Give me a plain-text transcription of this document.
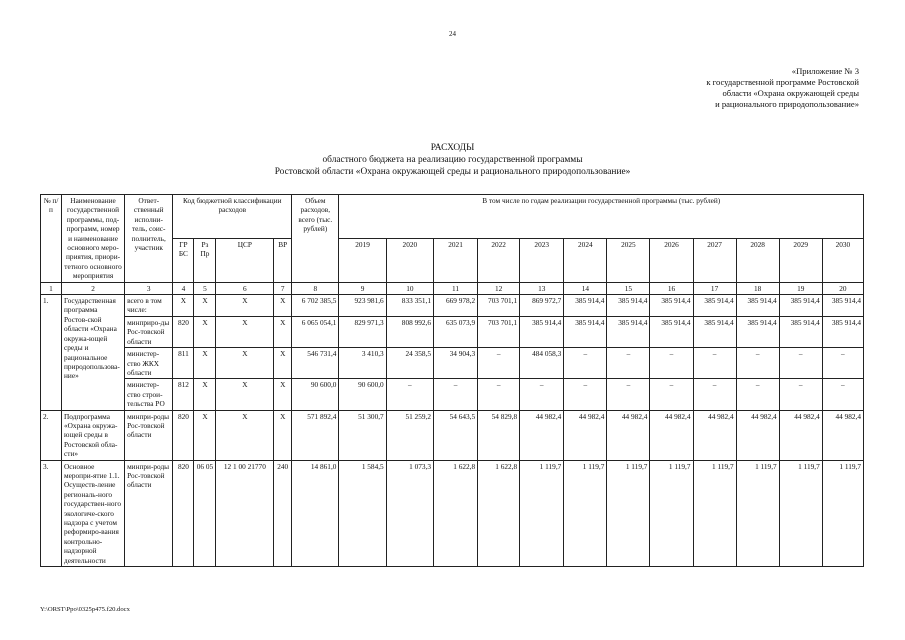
24
«Приложение № 3
к государственной программе Ростовской
области «Охрана окружающей среды
и рационального природопользование»
РАСХОДЫ
областного бюджета на реализацию государственной программы
Ростовской области «Охрана окружающей среды и рационального природопользование»
№ п/п	Наименование государственной программы, под-программ, номер и наименование основного меро-приятия, приори-тетного основного мероприятия	Ответ-ственный исполни-тель, соис-полнитель, участник	Код бюджетной классификации расходов				Объем расходов, всего (тыс. рублей)	В том числе по годам реализации государственной программы (тыс. рублей)											
			ГР БС	Рз Пр	ЦСР	ВР		2019	2020	2021	2022	2023	2024	2025	2026	2027	2028	2029	2030
1	2	3	4	5	6	7	8	9	10	11	12	13	14	15	16	17	18	19	20
1.	Государственная программа Ростов-ской области «Охрана окружа-ющей среды и рациональное природопользова-ние»	всего в том числе:	X	X	X	X	6 702 385,5	923 981,6	833 351,1	669 978,2	703 701,1	869 972,7	385 914,4	385 914,4	385 914,4	385 914,4	385 914,4	385 914,4	385 914,4
		минприро-ды Рос-товской области	820	X	X	X	6 065 054,1	829 971,3	808 992,6	635 073,9	703 701,1	385 914,4	385 914,4	385 914,4	385 914,4	385 914,4	385 914,4	385 914,4	385 914,4
		министер-ство ЖКХ области	811	X	X	X	546 731,4	3 410,3	24 358,5	34 904,3	–	484 058,3	–	–	–	–	–	–	–
		министер-ство строи-тельства РО	812	X	X	X	90 600,0	90 600,0	–	–	–	–	–	–	–	–	–	–	–
2.	Подпрограмма «Охрана окружа-ющей среды в Ростовской обла-сти»	минпри-роды Рос-товской области	820	X	X	X	571 892,4	51 300,7	51 259,2	54 643,5	54 829,8	44 982,4	44 982,4	44 982,4	44 982,4	44 982,4	44 982,4	44 982,4	44 982,4
3.	Основное меропри-ятие 1.1. Осуществ-ление региональ-ного государствен-ного экологиче-ского надзора с учетом реформиро-вания контрольно-надзорной деятельности	минпри-роды Рос-товской области	820	06 05	12 1 00 21770	240	14 861,0	1 584,5	1 073,3	1 622,8	1 622,8	1 119,7	1 119,7	1 119,7	1 119,7	1 119,7	1 119,7	1 119,7	1 119,7
Y:\ORST\Ppo\0325p475.f20.docx
